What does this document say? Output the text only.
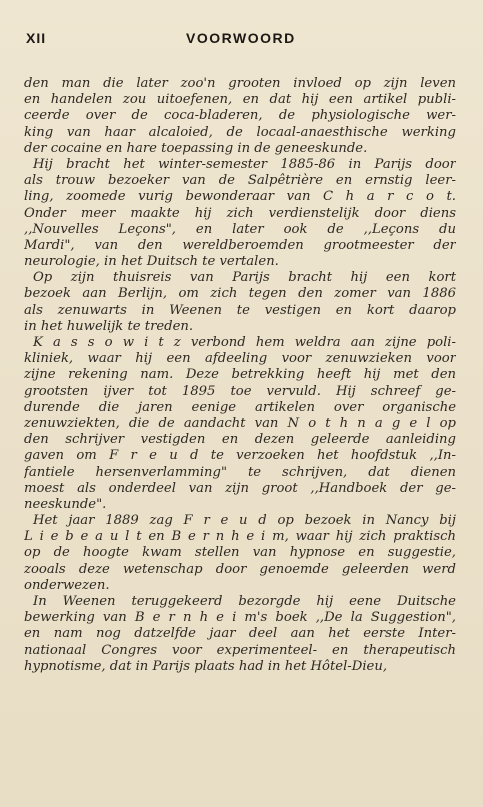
XII	VOORWOORD
den man die later zoo'n grooten invloed op zijn leven
en handelen zou uitoefenen, en dat hij een artikel publi-
ceerde over de coca-bladeren, de physiologische wer-
king van haar alcaloied, de locaal-anaesthische werking
der cocaine en hare toepassing in de geneeskunde.
Hij bracht het winter-semester 1885-86 in Parijs door
als trouw bezoeker van de Salpêtrière en ernstig leer-
ling, zoomede vurig bewonderaar van C h a r c o t.
Onder meer maakte hij zich verdienstelijk door diens
,,Nouvelles Leçons", en later ook de ,,Leçons du
Mardi", van den wereldberoemden grootmeester der
neurologie, in het Duitsch te vertalen.
Op zijn thuisreis van Parijs bracht hij een kort
bezoek aan Berlijn, om zich tegen den zomer van 1886
als zenuwarts in Weenen te vestigen en kort daarop
in het huwelijk te treden.
K a s s o w i t z verbond hem weldra aan zijne poli-
kliniek, waar hij een afdeeling voor zenuwzieken voor
zijne rekening nam. Deze betrekking heeft hij met den
grootsten ijver tot 1895 toe vervuld. Hij schreef ge-
durende die jaren eenige artikelen over organische
zenuwziekten, die de aandacht van N o t h n a g e l op
den schrijver vestigden en dezen geleerde aanleiding
gaven om F r e u d te verzoeken het hoofdstuk ,,In-
fantiele hersenverlamming" te schrijven, dat dienen
moest als onderdeel van zijn groot ,,Handboek der ge-
neeskunde".
Het jaar 1889 zag F r e u d op bezoek in Nancy bij
L i e b e a u l t en B e r n h e i m, waar hij zich praktisch
op de hoogte kwam stellen van hypnose en suggestie,
zooals deze wetenschap door genoemde geleerden werd
onderwezen.
In Weenen teruggekeerd bezorgde hij eene Duitsche
bewerking van B e r n h e i m's boek ,,De la Suggestion",
en nam nog datzelfde jaar deel aan het eerste Inter-
nationaal Congres voor experimenteel- en therapeutisch
hypnotisme, dat in Parijs plaats had in het Hôtel-Dieu,
